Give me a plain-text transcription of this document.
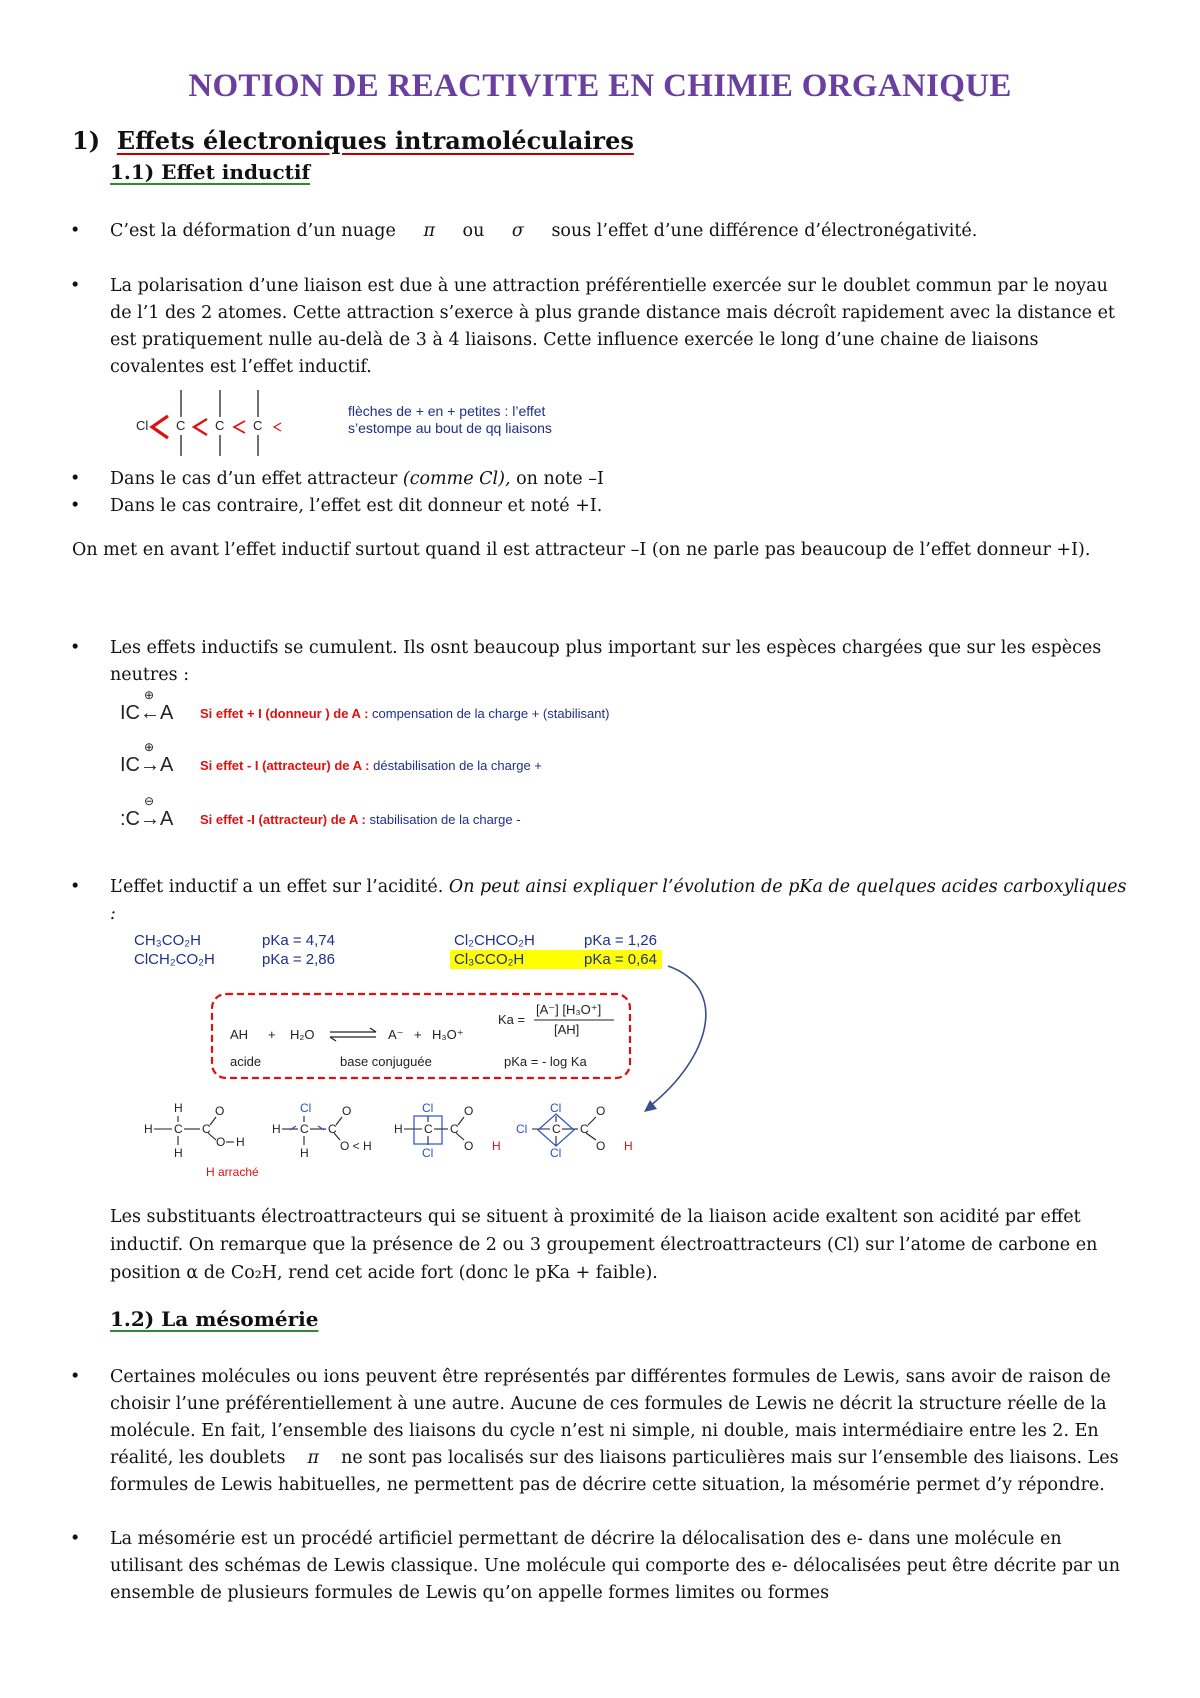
NOTION DE REACTIVITE EN CHIMIE ORGANIQUE
1) Effets électroniques intramoléculaires
1.1) Effet inductif
• C’est la déformation d’un nuage π ou σ sous l’effet d’une différence d’électronégativité.
• La polarisation d’une liaison est due à une attraction préférentielle exercée sur le doublet commun par le noyau de l’1 des 2 atomes. Cette attraction s’exerce à plus grande distance mais décroît rapidement avec la distance et est pratiquement nulle au-delà de 3 à 4 liaisons. Cette influence exercée le long d’une chaine de liaisons covalentes est l’effet inductif.
Cl C C C
flèches de + en + petites : l’effet
s’estompe au bout de qq liaisons
• Dans le cas d’un effet attracteur (comme Cl), on note –I
• Dans le cas contraire, l’effet est dit donneur et noté +I.
On met en avant l’effet inductif surtout quand il est attracteur –I (on ne parle pas beaucoup de l’effet donneur +I).
• Les effets inductifs se cumulent. Ils osnt beaucoup plus important sur les espèces chargées que sur les espèces neutres :
⊕
IC←A Si effet + I (donneur ) de A : compensation de la charge + (stabilisant)
⊕
IC→A Si effet - I (attracteur) de A : déstabilisation de la charge +
⊖
:C→A Si effet -I (attracteur) de A : stabilisation de la charge -
• L’effet inductif a un effet sur l’acidité. On peut ainsi expliquer l’évolution de pKa de quelques acides carboxyliques :
CH₃CO₂H	pKa = 4,74
ClCH₂CO₂H	pKa = 2,86
Cl₂CHCO₂H	pKa = 1,26
Cl₃CCO₂H	pKa = 0,64
AH + H₂O	A⁻ + H₃O⁺
acide	base conjuguée
Ka =
[A⁻] [H₃O⁺]
[AH]
pKa = - log Ka
H
H
H
C C
O
O H
H arraché
Cl
H
H
C C
O
O < H
Cl
H
Cl
C C
O
O H
Cl
Cl
Cl
C C
O
O H
Les substituants électroattracteurs qui se situent à proximité de la liaison acide exaltent son acidité par effet inductif. On remarque que la présence de 2 ou 3 groupement électroattracteurs (Cl) sur l’atome de carbone en position α de Co₂H, rend cet acide fort (donc le pKa + faible).
1.2) La mésomérie
• Certaines molécules ou ions peuvent être représentés par différentes formules de Lewis, sans avoir de raison de choisir l’une préférentiellement à une autre. Aucune de ces formules de Lewis ne décrit la structure réelle de la molécule. En fait, l’ensemble des liaisons du cycle n’est ni simple, ni double, mais intermédiaire entre les 2. En réalité, les doublets π ne sont pas localisés sur des liaisons particulières mais sur l’ensemble des liaisons. Les formules de Lewis habituelles, ne permettent pas de décrire cette situation, la mésomérie permet d’y répondre.
• La mésomérie est un procédé artificiel permettant de décrire la délocalisation des e- dans une molécule en utilisant des schémas de Lewis classique. Une molécule qui comporte des e- délocalisées peut être décrite par un ensemble de plusieurs formules de Lewis qu’on appelle formes limites ou formes
